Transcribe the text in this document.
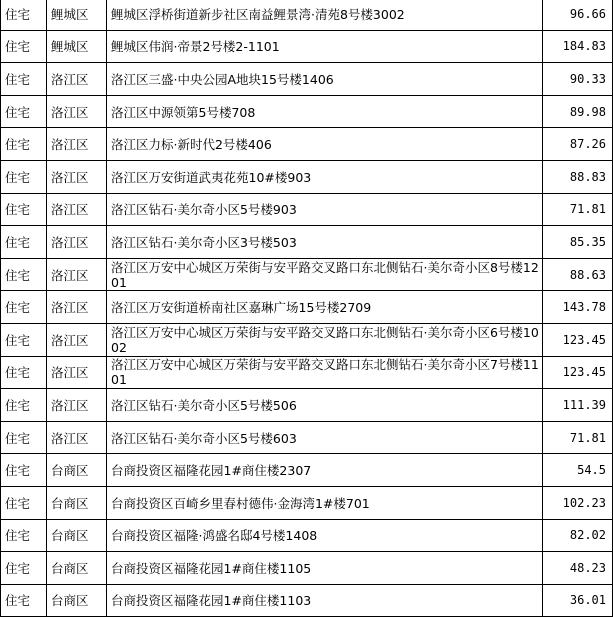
住宅	鲤城区	鲤城区浮桥街道新步社区南益鲤景湾·清苑8号楼3002	96.66
住宅	鲤城区	鲤城区伟润·帝景2号楼2-1101	184.83
住宅	洛江区	洛江区三盛·中央公园A地块15号楼1406	90.33
住宅	洛江区	洛江区中源领第5号楼708	89.98
住宅	洛江区	洛江区力标·新时代2号楼406	87.26
住宅	洛江区	洛江区万安街道武夷花苑10#楼903	88.83
住宅	洛江区	洛江区钻石·美尔奇小区5号楼903	71.81
住宅	洛江区	洛江区钻石·美尔奇小区3号楼503	85.35
住宅	洛江区	洛江区万安中心城区万荣街与安平路交叉路口东北侧钻石·美尔奇小区8号楼1201	88.63
住宅	洛江区	洛江区万安街道桥南社区嘉琳广场15号楼2709	143.78
住宅	洛江区	洛江区万安中心城区万荣街与安平路交叉路口东北侧钻石·美尔奇小区6号楼1002	123.45
住宅	洛江区	洛江区万安中心城区万荣街与安平路交叉路口东北侧钻石·美尔奇小区7号楼1101	123.45
住宅	洛江区	洛江区钻石·美尔奇小区5号楼506	111.39
住宅	洛江区	洛江区钻石·美尔奇小区5号楼603	71.81
住宅	台商区	台商投资区福隆花园1#商住楼2307	54.5
住宅	台商区	台商投资区百崎乡里春村德伟·金海湾1#楼701	102.23
住宅	台商区	台商投资区福隆·鸿盛名邸4号楼1408	82.02
住宅	台商区	台商投资区福隆花园1#商住楼1105	48.23
住宅	台商区	台商投资区福隆花园1#商住楼1103	36.01
